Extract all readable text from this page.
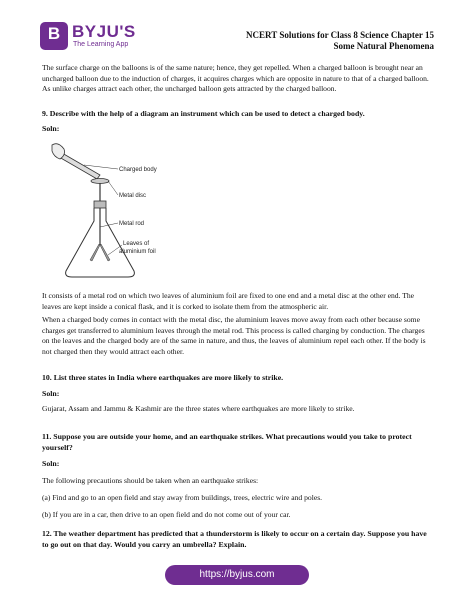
B BYJU'S
The Learning App
NCERT Solutions for Class 8 Science Chapter 15
Some Natural Phenomena
The surface charge on the balloons is of the same nature; hence, they get repelled. When a charged balloon is brought near an uncharged balloon due to the induction of charges, it acquires charges which are opposite in nature to that of a charged balloon. As unlike charges attract each other, the uncharged balloon gets attracted by the charged balloon.
9. Describe with the help of a diagram an instrument which can be used to detect a charged body.
Soln:
Charged body
Metal disc
Metal rod
Leaves of
aluminium foil
It consists of a metal rod on which two leaves of aluminium foil are fixed to one end and a metal disc at the other end. The leaves are kept inside a conical flask, and it is corked to isolate them from the atmospheric air.
When a charged body comes in contact with the metal disc, the aluminium leaves move away from each other because some charges get transferred to aluminium leaves through the metal rod. This process is called charging by conduction. The charges on the leaves and the charged body are of the same in nature, and thus, the leaves of aluminium repel each other. If the body is not charged then they would attract each other.
10. List three states in India where earthquakes are more likely to strike.
Soln:
Gujarat, Assam and Jammu & Kashmir are the three states where earthquakes are more likely to strike.
11. Suppose you are outside your home, and an earthquake strikes. What precautions would you take to protect yourself?
Soln:
The following precautions should be taken when an earthquake strikes:
(a) Find and go to an open field and stay away from buildings, trees, electric wire and poles.
(b) If you are in a car, then drive to an open field and do not come out of your car.
12. The weather department has predicted that a thunderstorm is likely to occur on a certain day. Suppose you have to go out on that day. Would you carry an umbrella? Explain.
https://byjus.com
